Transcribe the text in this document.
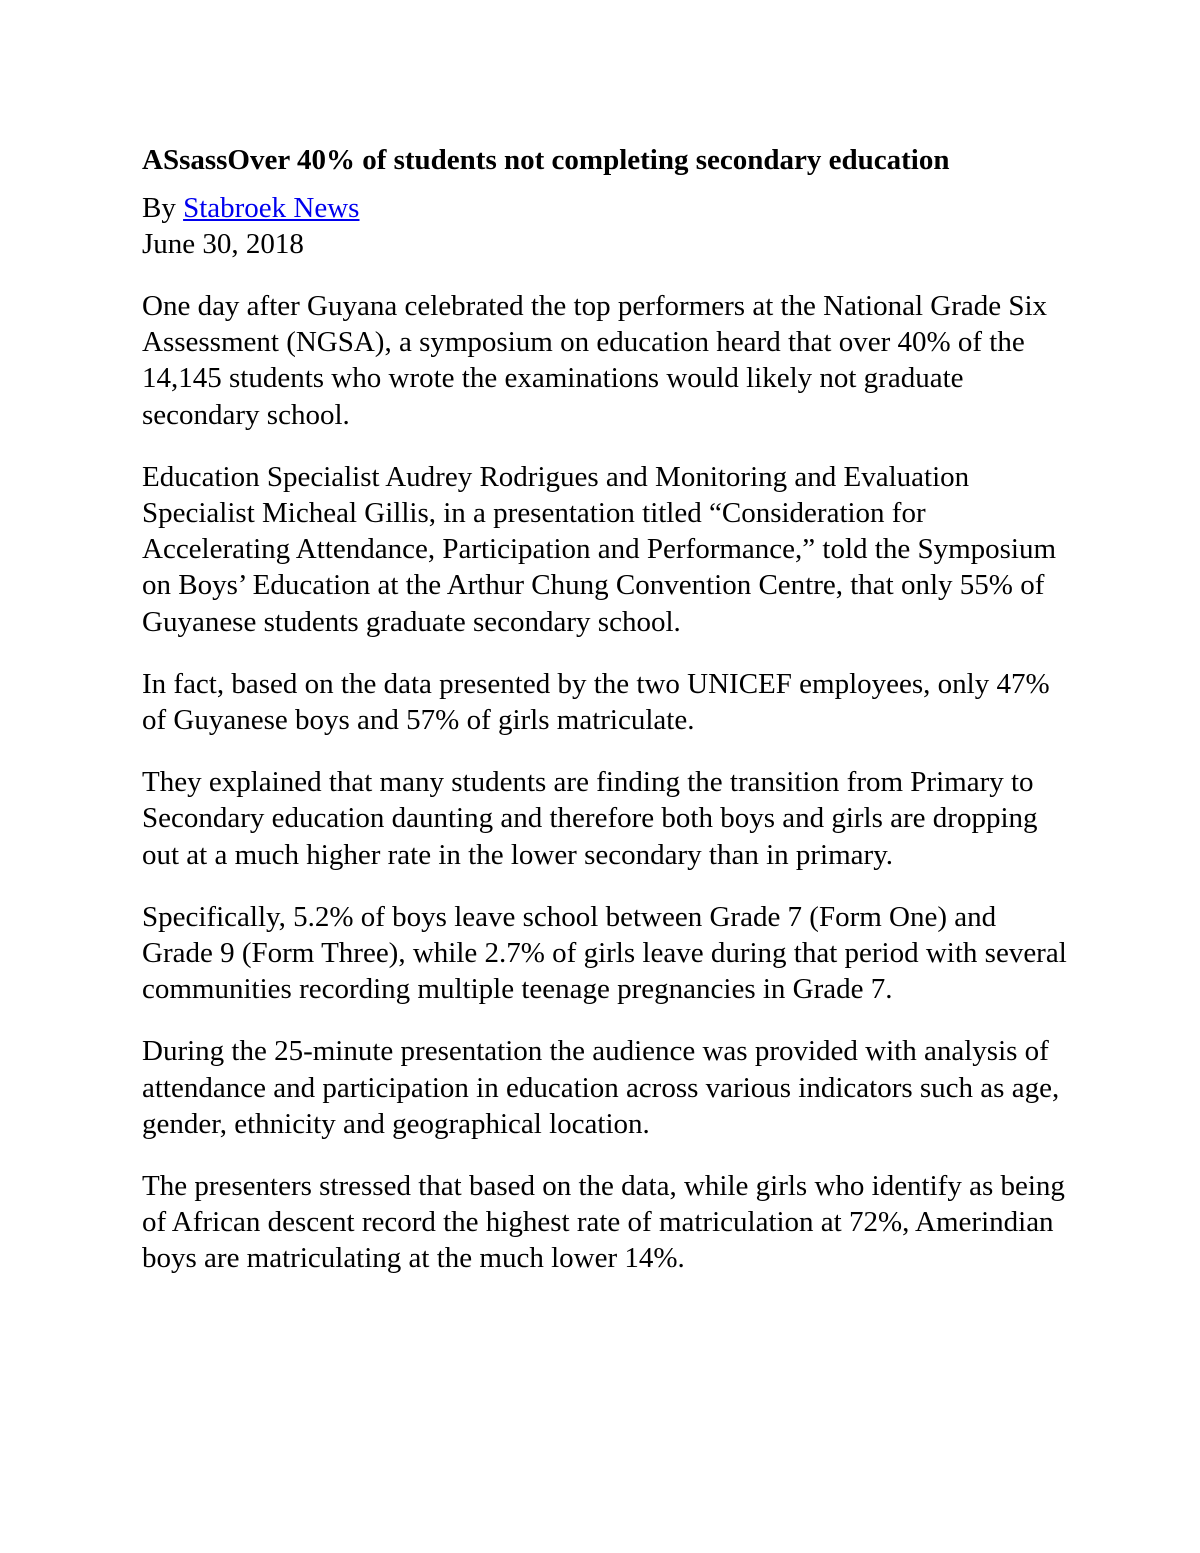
ASsassOver 40% of students not completing secondary education

By Stabroek News

June 30, 2018

One day after Guyana celebrated the top performers at the National Grade Six Assessment (NGSA), a symposium on education heard that over 40% of the 14,145 students who wrote the examinations would likely not graduate secondary school.

Education Specialist Audrey Rodrigues and Monitoring and Evaluation Specialist Micheal Gillis, in a presentation titled “Consideration for Accelerating Attendance, Participation and Performance,” told the Symposium on Boys’ Education at the Arthur Chung Convention Centre, that only 55% of Guyanese students graduate secondary school.

In fact, based on the data presented by the two UNICEF employees, only 47% of Guyanese boys and 57% of girls matriculate.

They explained that many students are finding the transition from Primary to Secondary education daunting and therefore both boys and girls are dropping out at a much higher rate in the lower secondary than in primary.

Specifically, 5.2% of boys leave school between Grade 7 (Form One) and Grade 9 (Form Three), while 2.7% of girls leave during that period with several communities recording multiple teenage pregnancies in Grade 7.

During the 25-minute presentation the audience was provided with analysis of attendance and participation in education across various indicators such as age, gender, ethnicity and geographical location.

The presenters stressed that based on the data, while girls who identify as being of African descent record the highest rate of matriculation at 72%, Amerindian boys are matriculating at the much lower 14%.
